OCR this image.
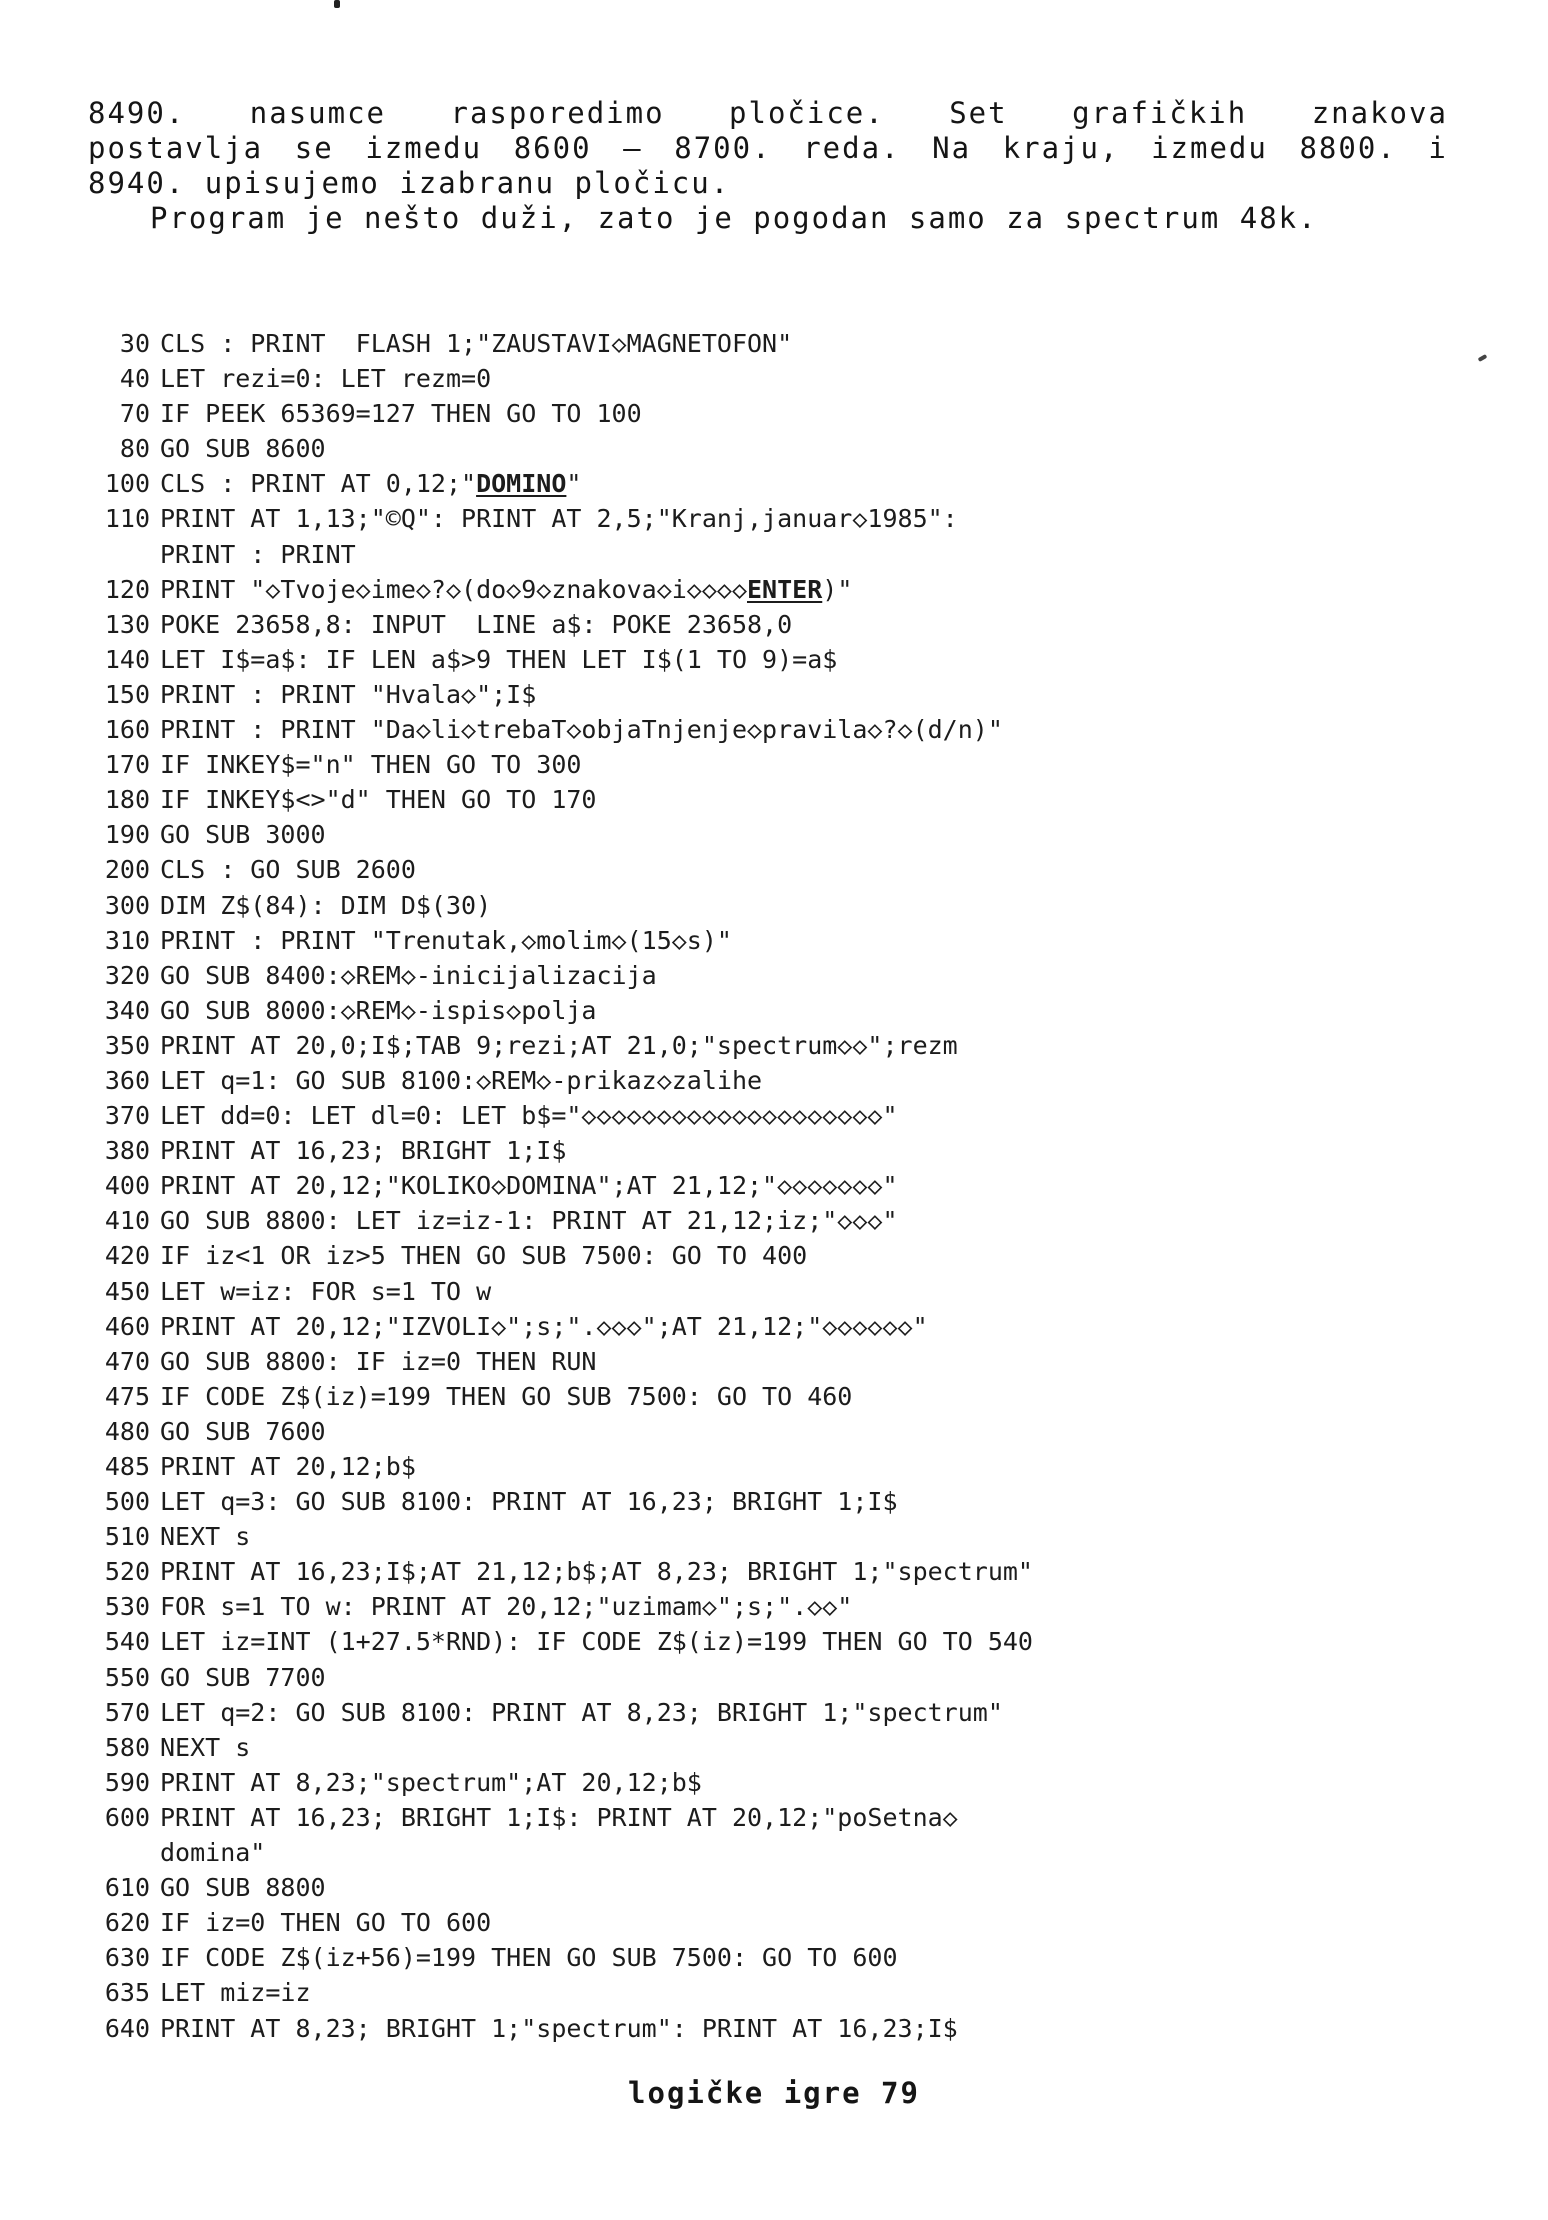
8490. nasumce rasporedimo pločice. Set grafičkih znakova
postavlja se izmedu 8600 – 8700. reda. Na kraju, izmedu 8800. i
8940. upisujemo izabranu pločicu.
Program je nešto duži, zato je pogodan samo za spectrum 48k.
30 CLS : PRINT  FLASH 1;"ZAUSTAVI◇MAGNETOFON"
40 LET rezi=0: LET rezm=0
70 IF PEEK 65369=127 THEN GO TO 100
80 GO SUB 8600
100 CLS : PRINT AT 0,12;"DOMINO"
110 PRINT AT 1,13;"©Q": PRINT AT 2,5;"Kranj,januar◇1985":
PRINT : PRINT
120 PRINT "◇Tvoje◇ime◇?◇(do◇9◇znakova◇i◇◇◇◇ENTER)"
130 POKE 23658,8: INPUT  LINE a$: POKE 23658,0
140 LET I$=a$: IF LEN a$>9 THEN LET I$(1 TO 9)=a$
150 PRINT : PRINT "Hvala◇";I$
160 PRINT : PRINT "Da◇li◇trebaT◇objaTnjenje◇pravila◇?◇(d/n)"
170 IF INKEY$="n" THEN GO TO 300
180 IF INKEY$<>"d" THEN GO TO 170
190 GO SUB 3000
200 CLS : GO SUB 2600
300 DIM Z$(84): DIM D$(30)
310 PRINT : PRINT "Trenutak,◇molim◇(15◇s)"
320 GO SUB 8400:◇REM◇-inicijalizacija
340 GO SUB 8000:◇REM◇-ispis◇polja
350 PRINT AT 20,0;I$;TAB 9;rezi;AT 21,0;"spectrum◇◇";rezm
360 LET q=1: GO SUB 8100:◇REM◇-prikaz◇zalihe
370 LET dd=0: LET dl=0: LET b$="◇◇◇◇◇◇◇◇◇◇◇◇◇◇◇◇◇◇◇◇"
380 PRINT AT 16,23; BRIGHT 1;I$
400 PRINT AT 20,12;"KOLIKO◇DOMINA";AT 21,12;"◇◇◇◇◇◇◇"
410 GO SUB 8800: LET iz=iz-1: PRINT AT 21,12;iz;"◇◇◇"
420 IF iz<1 OR iz>5 THEN GO SUB 7500: GO TO 400
450 LET w=iz: FOR s=1 TO w
460 PRINT AT 20,12;"IZVOLI◇";s;".◇◇◇";AT 21,12;"◇◇◇◇◇◇"
470 GO SUB 8800: IF iz=0 THEN RUN
475 IF CODE Z$(iz)=199 THEN GO SUB 7500: GO TO 460
480 GO SUB 7600
485 PRINT AT 20,12;b$
500 LET q=3: GO SUB 8100: PRINT AT 16,23; BRIGHT 1;I$
510 NEXT s
520 PRINT AT 16,23;I$;AT 21,12;b$;AT 8,23; BRIGHT 1;"spectrum"
530 FOR s=1 TO w: PRINT AT 20,12;"uzimam◇";s;".◇◇"
540 LET iz=INT (1+27.5*RND): IF CODE Z$(iz)=199 THEN GO TO 540
550 GO SUB 7700
570 LET q=2: GO SUB 8100: PRINT AT 8,23; BRIGHT 1;"spectrum"
580 NEXT s
590 PRINT AT 8,23;"spectrum";AT 20,12;b$
600 PRINT AT 16,23; BRIGHT 1;I$: PRINT AT 20,12;"poSetna◇
domina"
610 GO SUB 8800
620 IF iz=0 THEN GO TO 600
630 IF CODE Z$(iz+56)=199 THEN GO SUB 7500: GO TO 600
635 LET miz=iz
640 PRINT AT 8,23; BRIGHT 1;"spectrum": PRINT AT 16,23;I$
logičke igre 79
